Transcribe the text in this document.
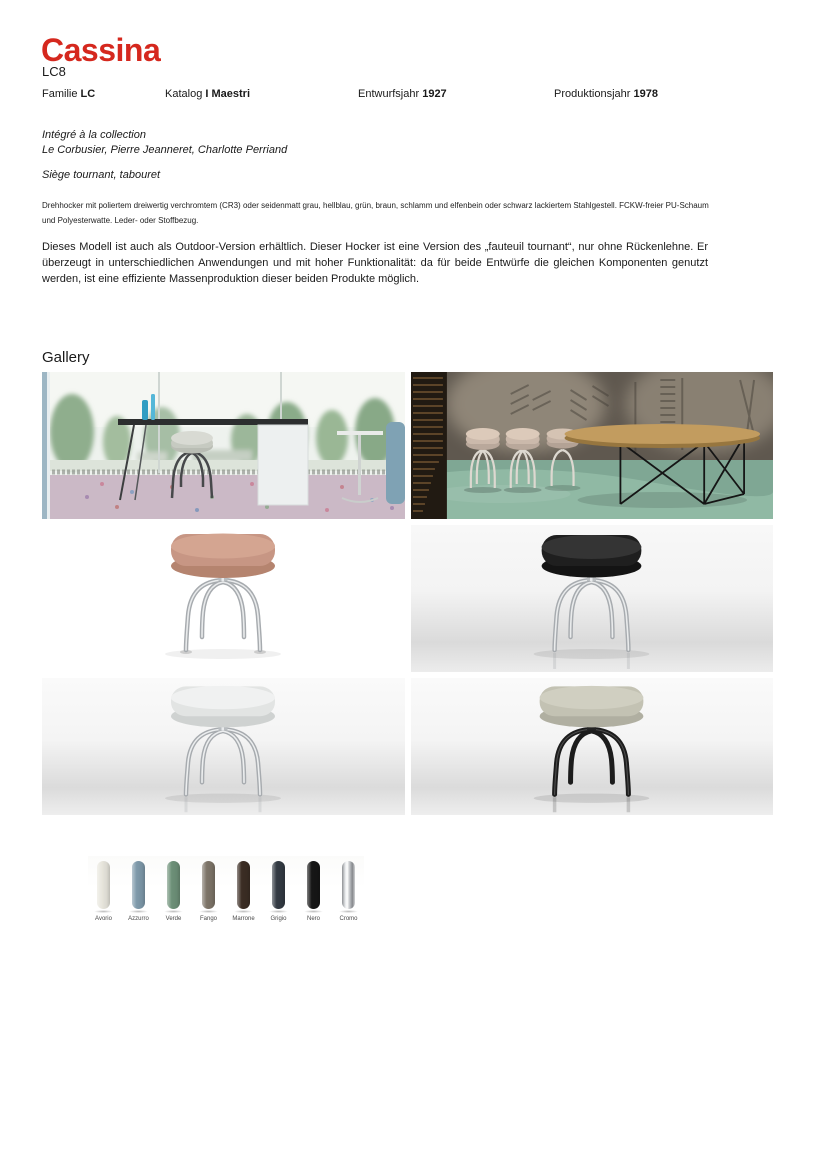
Cassina
LC8
Familie LC	Katalog I Maestri	Entwurfsjahr 1927	Produktionsjahr 1978
Intégré à la collection
Le Corbusier, Pierre Jeanneret, Charlotte Perriand
Siège tournant, tabouret
Drehhocker mit poliertem dreiwertig verchromtem (CR3) oder seidenmatt grau, hellblau, grün, braun, schlamm und elfenbein oder schwarz lackiertem Stahlgestell. FCKW-freier PU-Schaum und Polyesterwatte. Leder- oder Stoffbezug.
Dieses Modell ist auch als Outdoor-Version erhältlich. Dieser Hocker ist eine Version des „fauteuil tournant“, nur ohne Rückenlehne. Er überzeugt in unterschiedlichen Anwendungen und mit hoher Funktionalität: da für beide Entwürfe die gleichen Komponenten genutzt werden, ist eine effiziente Massenproduktion dieser beiden Produkte möglich.
Gallery
Avorio	Azzurro	Verde	Fango	Marrone	Grigio	Nero	Cromo
